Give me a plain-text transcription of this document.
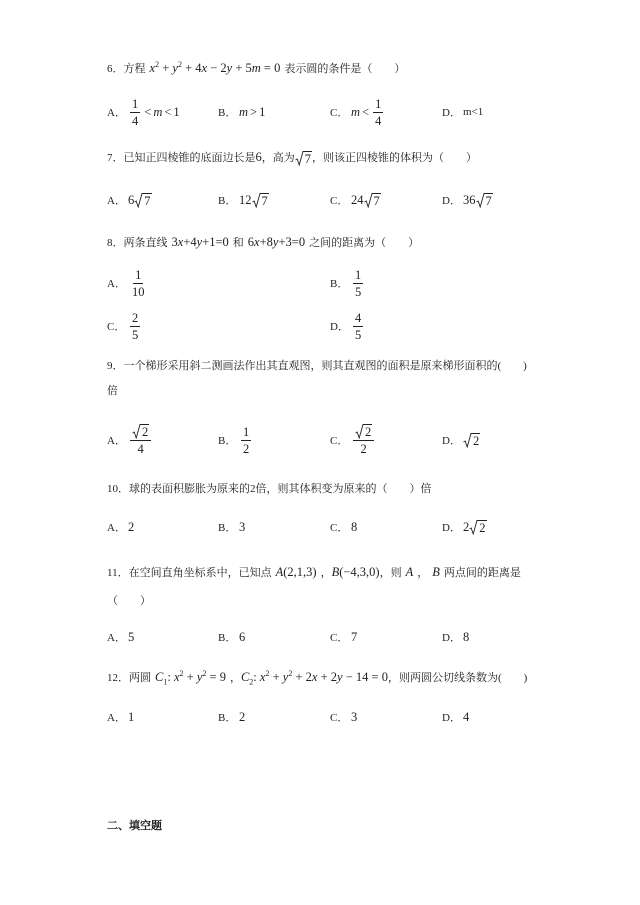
6．方程 $x^2 + y^2 + 4x - 2y + 5m = 0$ 表示圆的条件是（　　）
A． $\frac{1}{4} < m < 1$	B． m > 1	C． $m < \frac{1}{4}$	D． m<1
7．已知正四棱锥的底面边长是6，高为 7 ，则该正四棱锥的体积为（　　）
A． 6 7	B． 12 7	C． 24 7	D． 36 7
8．两条直线 3x+4y+1=0 和 6x+8y+3=0 之间的距离为（　　）
A． $\frac{1}{10}$	B． $\frac{1}{5}$
C． $\frac{2}{5}$	D． $\frac{4}{5}$
9．一个梯形采用斜二测画法作出其直观图，则其直观图的面积是原来梯形面积的(　　)
倍
A． $\frac{2}{4}$	B． $\frac{1}{2}$	C． $\frac{2}{2}$	D． 2
10．球的表面积膨胀为原来的2倍，则其体积变为原来的（　　）倍
A． 2	B． 3	C． 8	D． 2 2
11．在空间直角坐标系中，已知点 A(2,1,3) ，B(−4,3,0)，则 A ， B 两点间的距离是
（　　）
A． 5	B． 6	C． 7	D． 8
12．两圆 $C_1$: $x^2 + y^2 = 9$ ，$C_2$: $x^2 + y^2 + 2x + 2y - 14 = 0$，则两圆公切线条数为(　　)
A． 1	B． 2	C． 3	D． 4
二、填空题
